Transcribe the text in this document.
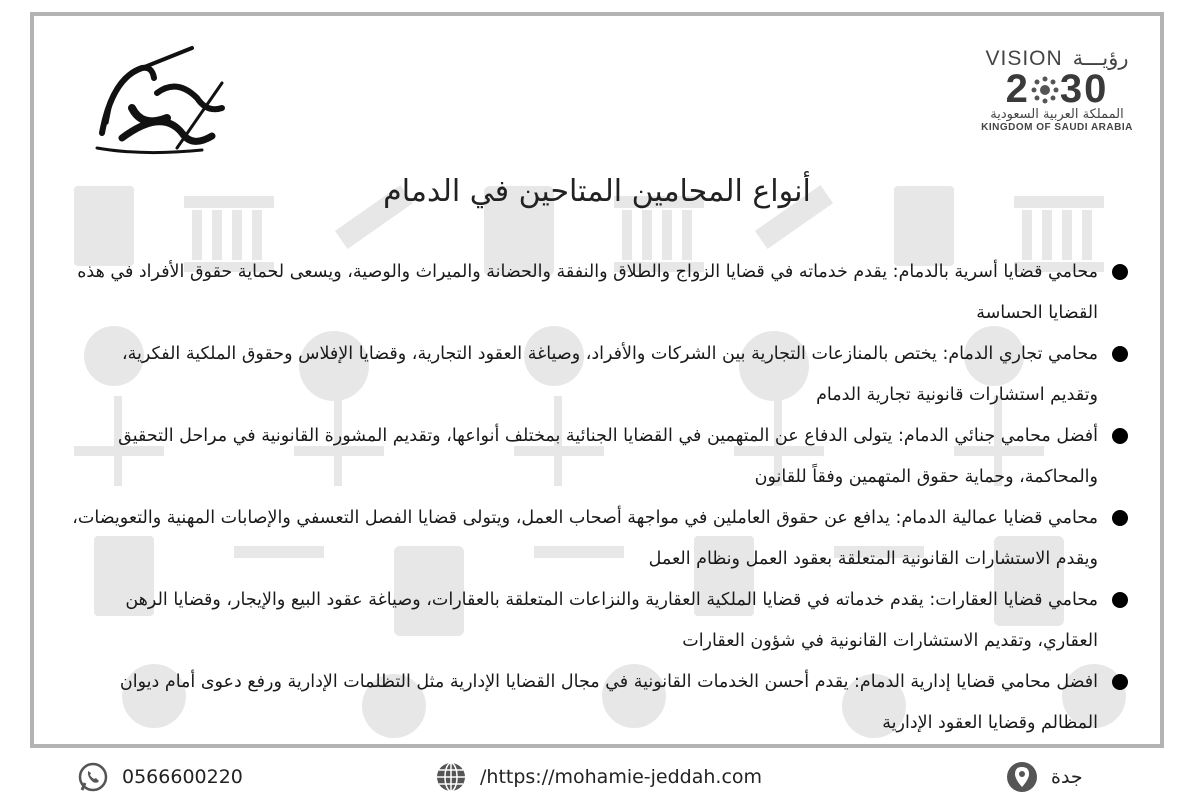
VISION رؤيـــة
2 30
المملكة العربية السعودية
KINGDOM OF SAUDI ARABIA
أنواع المحامين المتاحين في الدمام
محامي قضايا أسرية بالدمام: يقدم خدماته في قضايا الزواج والطلاق والنفقة والحضانة والميراث والوصية، ويسعى لحماية حقوق الأفراد في هذه القضايا الحساسة
محامي تجاري الدمام: يختص بالمنازعات التجارية بين الشركات والأفراد، وصياغة العقود التجارية، وقضايا الإفلاس وحقوق الملكية الفكرية، وتقديم استشارات قانونية تجارية الدمام
أفضل محامي جنائي الدمام: يتولى الدفاع عن المتهمين في القضايا الجنائية بمختلف أنواعها، وتقديم المشورة القانونية في مراحل التحقيق والمحاكمة، وحماية حقوق المتهمين وفقاً للقانون
محامي قضايا عمالية الدمام: يدافع عن حقوق العاملين في مواجهة أصحاب العمل، ويتولى قضايا الفصل التعسفي والإصابات المهنية والتعويضات، ويقدم الاستشارات القانونية المتعلقة بعقود العمل ونظام العمل
محامي قضايا العقارات: يقدم خدماته في قضايا الملكية العقارية والنزاعات المتعلقة بالعقارات، وصياغة عقود البيع والإيجار، وقضايا الرهن العقاري، وتقديم الاستشارات القانونية في شؤون العقارات
افضل محامي قضايا إدارية الدمام: يقدم أحسن الخدمات القانونية في مجال القضايا الإدارية مثل التظلمات الإدارية ورفع دعوى أمام ديوان المظالم وقضايا العقود الإدارية
0566600220	/https://mohamie-jeddah.com	جدة
